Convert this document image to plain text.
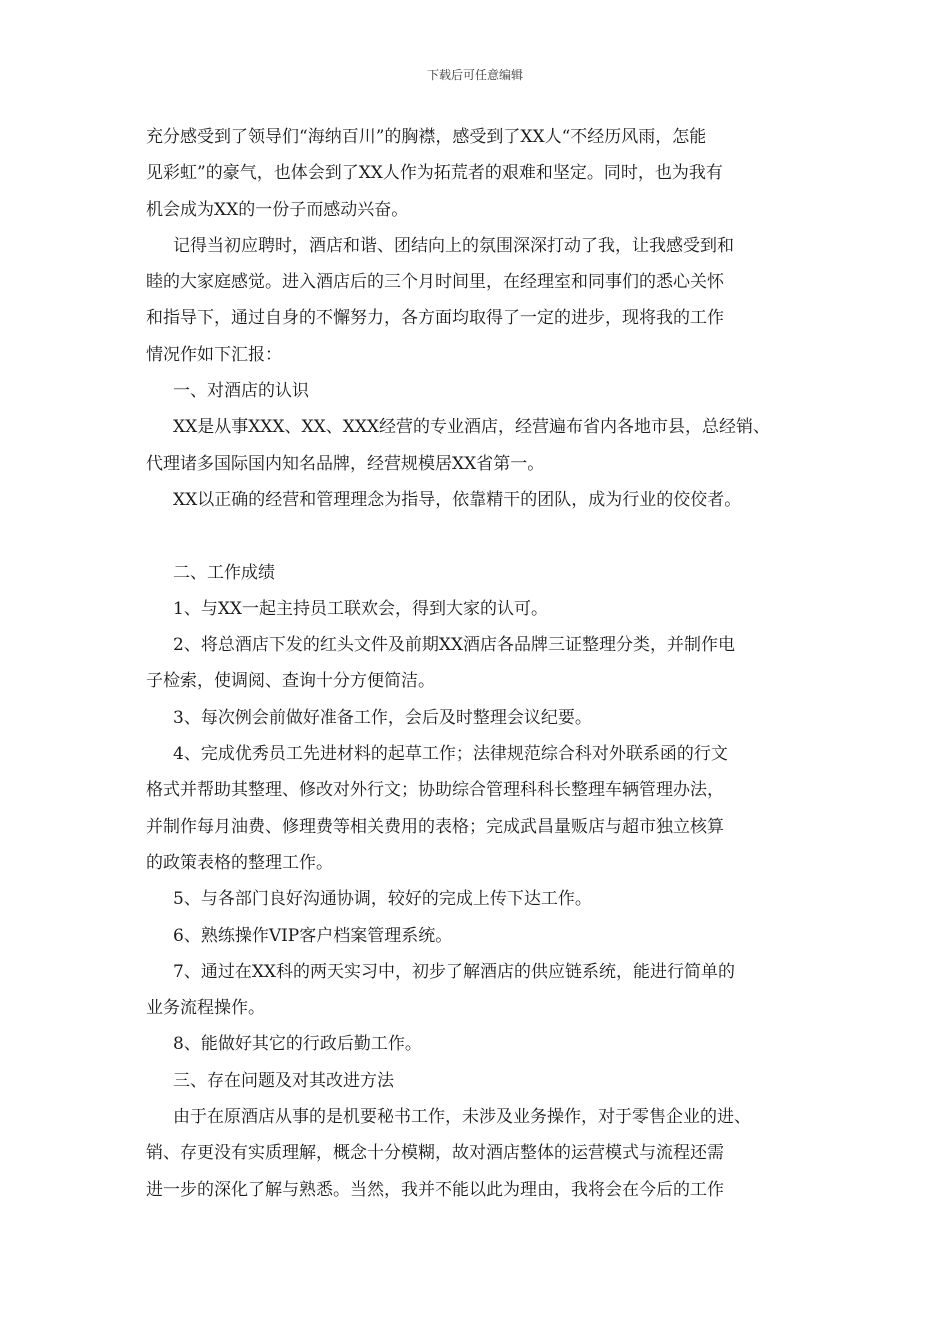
下载后可任意编辑
充分感受到了领导们“海纳百川”的胸襟，感受到了XX人“不经历风雨，怎能
见彩虹”的豪气，也体会到了XX人作为拓荒者的艰难和坚定。同时，也为我有
机会成为XX的一份子而感动兴奋。
记得当初应聘时，酒店和谐、团结向上的氛围深深打动了我，让我感受到和
睦的大家庭感觉。进入酒店后的三个月时间里，在经理室和同事们的悉心关怀
和指导下，通过自身的不懈努力，各方面均取得了一定的进步，现将我的工作
情况作如下汇报：
一、对酒店的认识
XX是从事XXX、XX、XXX经营的专业酒店，经营遍布省内各地市县，总经销、
代理诸多国际国内知名品牌，经营规模居XX省第一。
XX以正确的经营和管理理念为指导，依靠精干的团队，成为行业的佼佼者。
二、工作成绩
1、与XX一起主持员工联欢会，得到大家的认可。
2、将总酒店下发的红头文件及前期XX酒店各品牌三证整理分类，并制作电
子检索，使调阅、查询十分方便简洁。
3、每次例会前做好准备工作，会后及时整理会议纪要。
4、完成优秀员工先进材料的起草工作；法律规范综合科对外联系函的行文
格式并帮助其整理、修改对外行文；协助综合管理科科长整理车辆管理办法，
并制作每月油费、修理费等相关费用的表格；完成武昌量贩店与超市独立核算
的政策表格的整理工作。
5、与各部门良好沟通协调，较好的完成上传下达工作。
6、熟练操作VIP客户档案管理系统。
7、通过在XX科的两天实习中，初步了解酒店的供应链系统，能进行简单的
业务流程操作。
8、能做好其它的行政后勤工作。
三、存在问题及对其改进方法
由于在原酒店从事的是机要秘书工作，未涉及业务操作，对于零售企业的进、
销、存更没有实质理解，概念十分模糊，故对酒店整体的运营模式与流程还需
进一步的深化了解与熟悉。当然，我并不能以此为理由，我将会在今后的工作
